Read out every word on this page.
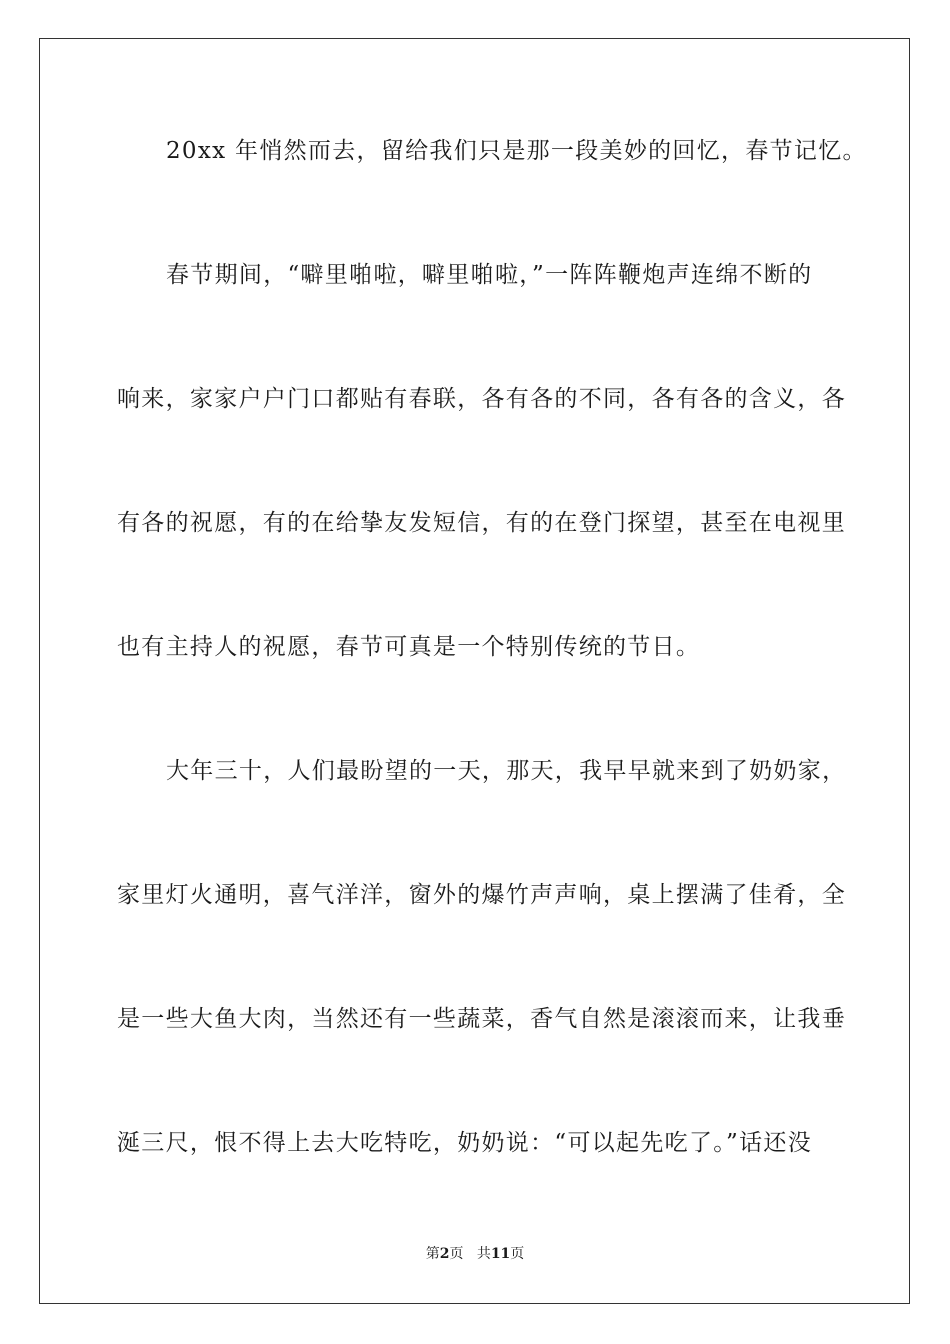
20xx 年悄然而去，留给我们只是那一段美妙的回忆，春节记忆。
春节期间，“噼里啪啦，噼里啪啦，”一阵阵鞭炮声连绵不断的
响来，家家户户门口都贴有春联，各有各的不同，各有各的含义，各
有各的祝愿，有的在给挚友发短信，有的在登门探望，甚至在电视里
也有主持人的祝愿，春节可真是一个特别传统的节日。
大年三十，人们最盼望的一天，那天，我早早就来到了奶奶家，
家里灯火通明，喜气洋洋，窗外的爆竹声声响，桌上摆满了佳肴，全
是一些大鱼大肉，当然还有一些蔬菜，香气自然是滚滚而来，让我垂
涎三尺，恨不得上去大吃特吃，奶奶说：“可以起先吃了。”话还没
第2页 共11页
